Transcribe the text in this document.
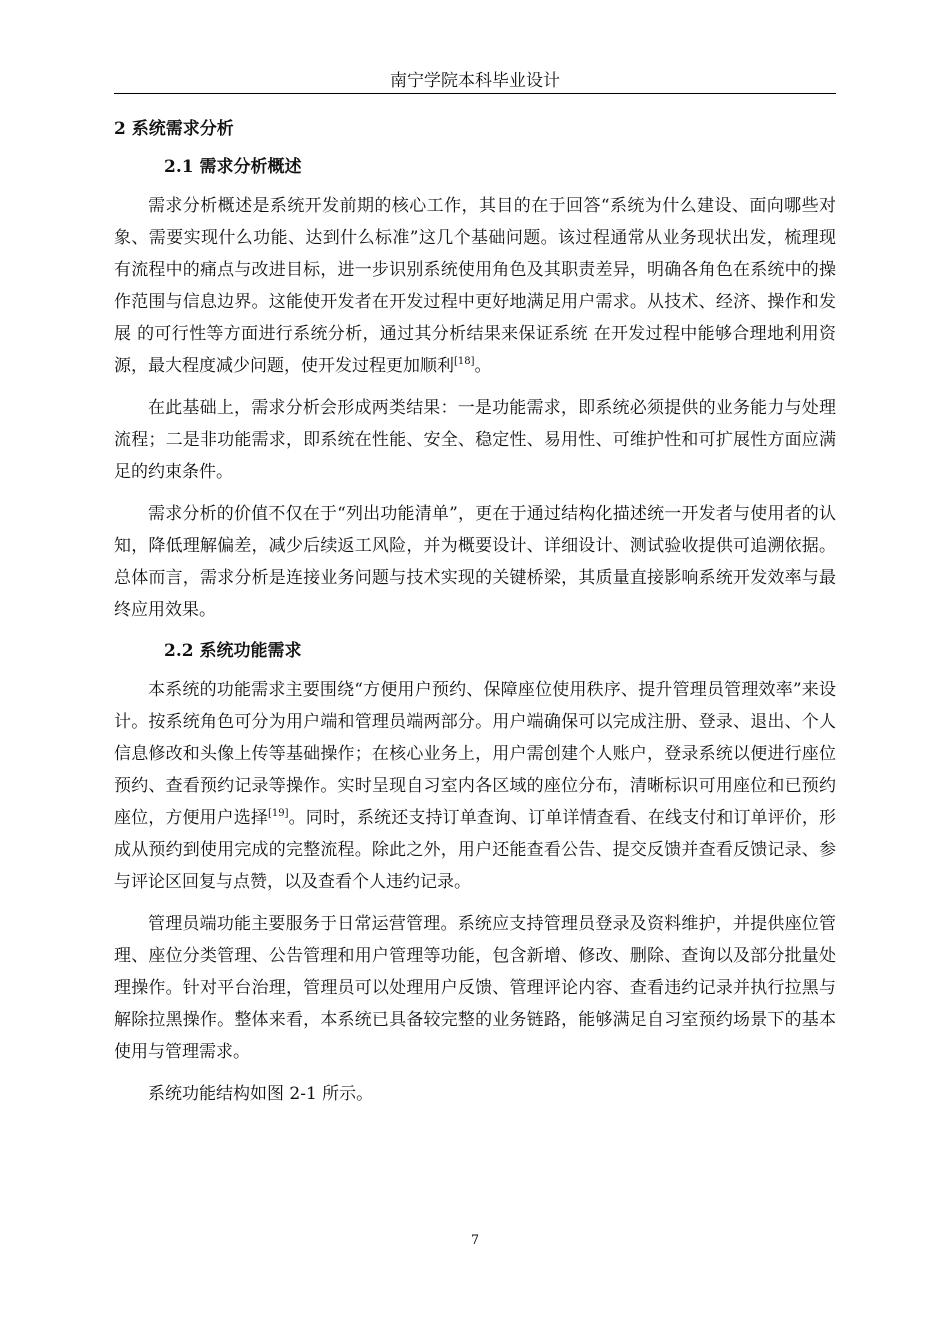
南宁学院本科毕业设计
2 系统需求分析
2.1 需求分析概述

需求分析概述是系统开发前期的核心工作，其目的在于回答“系统为什么建设、面向哪些对象、需要实现什么功能、达到什么标准”这几个基础问题。该过程通常从业务现状出发，梳理现有流程中的痛点与改进目标，进一步识别系统使用角色及其职责差异，明确各角色在系统中的操作范围与信息边界。这能使开发者在开发过程中更好地满足用户需求。从技术、经济、操作和发展 的可行性等方面进行系统分析，通过其分析结果来保证系统 在开发过程中能够合理地利用资源，最大程度减少问题，使开发过程更加顺利[18]。

在此基础上，需求分析会形成两类结果：一是功能需求，即系统必须提供的业务能力与处理流程；二是非功能需求，即系统在性能、安全、稳定性、易用性、可维护性和可扩展性方面应满足的约束条件。

需求分析的价值不仅在于“列出功能清单”，更在于通过结构化描述统一开发者与使用者的认知，降低理解偏差，减少后续返工风险，并为概要设计、详细设计、测试验收提供可追溯依据。总体而言，需求分析是连接业务问题与技术实现的关键桥梁，其质量直接影响系统开发效率与最终应用效果。

2.2 系统功能需求

本系统的功能需求主要围绕“方便用户预约、保障座位使用秩序、提升管理员管理效率”来设计。按系统角色可分为用户端和管理员端两部分。用户端确保可以完成注册、登录、退出、个人信息修改和头像上传等基础操作；在核心业务上，用户需创建个人账户，登录系统以便进行座位预约、查看预约记录等操作。实时呈现自习室内各区域的座位分布，清晰标识可用座位和已预约座位，方便用户选择[19]。同时，系统还支持订单查询、订单详情查看、在线支付和订单评价，形成从预约到使用完成的完整流程。除此之外，用户还能查看公告、提交反馈并查看反馈记录、参与评论区回复与点赞，以及查看个人违约记录。

管理员端功能主要服务于日常运营管理。系统应支持管理员登录及资料维护，并提供座位管理、座位分类管理、公告管理和用户管理等功能，包含新增、修改、删除、查询以及部分批量处理操作。针对平台治理，管理员可以处理用户反馈、管理评论内容、查看违约记录并执行拉黑与解除拉黑操作。整体来看，本系统已具备较完整的业务链路，能够满足自习室预约场景下的基本使用与管理需求。

系统功能结构如图 2-1 所示。

7
